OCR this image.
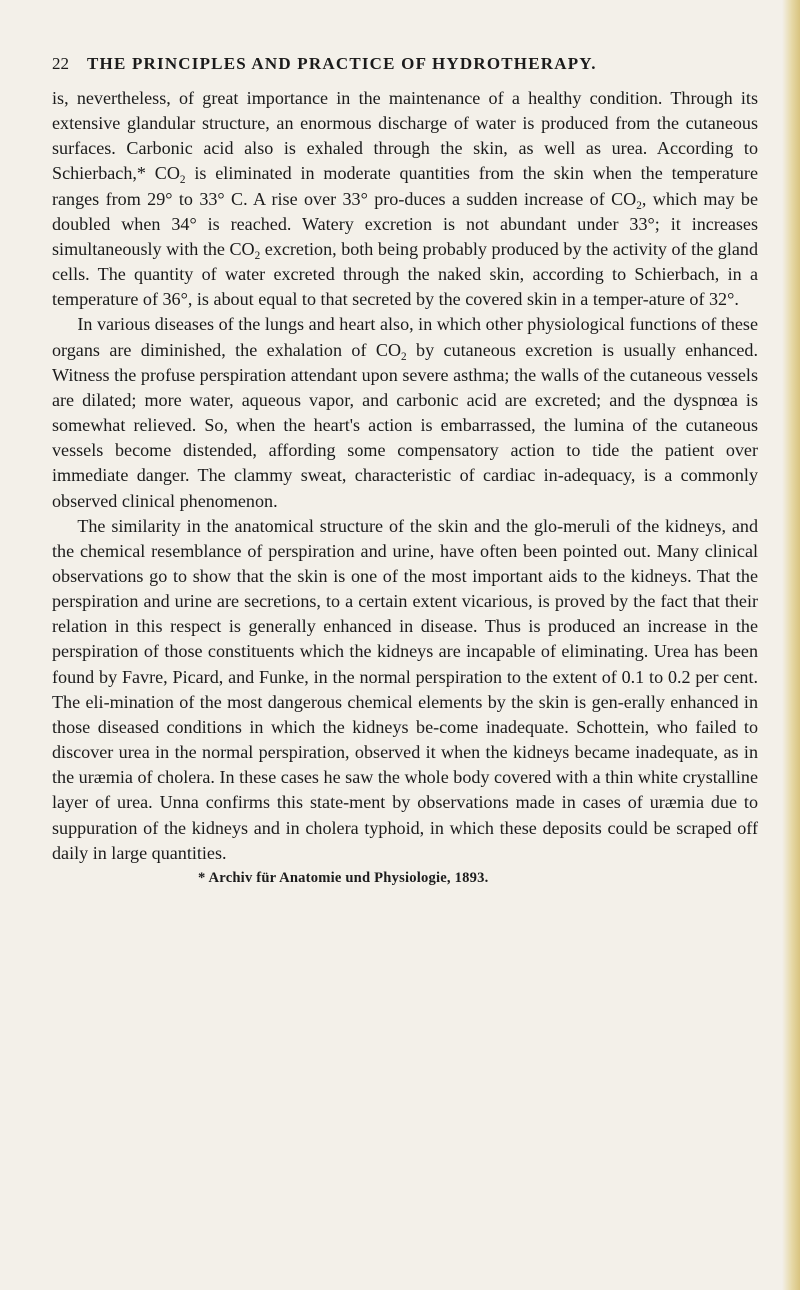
22 THE PRINCIPLES AND PRACTICE OF HYDROTHERAPY.

is, nevertheless, of great importance in the maintenance of a healthy condition. Through its extensive glandular structure, an enormous discharge of water is produced from the cutaneous surfaces. Carbonic acid also is exhaled through the skin, as well as urea. According to Schierbach,* $CO_2$ is eliminated in moderate quantities from the skin when the temperature ranges from 29° to 33° C. A rise over 33° pro-duces a sudden increase of $CO_2$, which may be doubled when 34° is reached. Watery excretion is not abundant under 33°; it increases simultaneously with the $CO_2$ excretion, both being probably produced by the activity of the gland cells. The quantity of water excreted through the naked skin, according to Schierbach, in a temperature of 36°, is about equal to that secreted by the covered skin in a temper-ature of 32°.

In various diseases of the lungs and heart also, in which other physiological functions of these organs are diminished, the exhalation of $CO_2$ by cutaneous excretion is usually enhanced. Witness the profuse perspiration attendant upon severe asthma; the walls of the cutaneous vessels are dilated; more water, aqueous vapor, and carbonic acid are excreted; and the dyspnœa is somewhat relieved. So, when the heart's action is embarrassed, the lumina of the cutaneous vessels become distended, affording some compensatory action to tide the patient over immediate danger. The clammy sweat, characteristic of cardiac in-adequacy, is a commonly observed clinical phenomenon.

The similarity in the anatomical structure of the skin and the glo-meruli of the kidneys, and the chemical resemblance of perspiration and urine, have often been pointed out. Many clinical observations go to show that the skin is one of the most important aids to the kidneys. That the perspiration and urine are secretions, to a certain extent vicarious, is proved by the fact that their relation in this respect is generally enhanced in disease. Thus is produced an increase in the perspiration of those constituents which the kidneys are incapable of eliminating. Urea has been found by Favre, Picard, and Funke, in the normal perspiration to the extent of 0.1 to 0.2 per cent. The eli-mination of the most dangerous chemical elements by the skin is gen-erally enhanced in those diseased conditions in which the kidneys be-come inadequate. Schottein, who failed to discover urea in the normal perspiration, observed it when the kidneys became inadequate, as in the uræmia of cholera. In these cases he saw the whole body covered with a thin white crystalline layer of urea. Unna confirms this state-ment by observations made in cases of uræmia due to suppuration of the kidneys and in cholera typhoid, in which these deposits could be scraped off daily in large quantities.

* Archiv für Anatomie und Physiologie, 1893.
